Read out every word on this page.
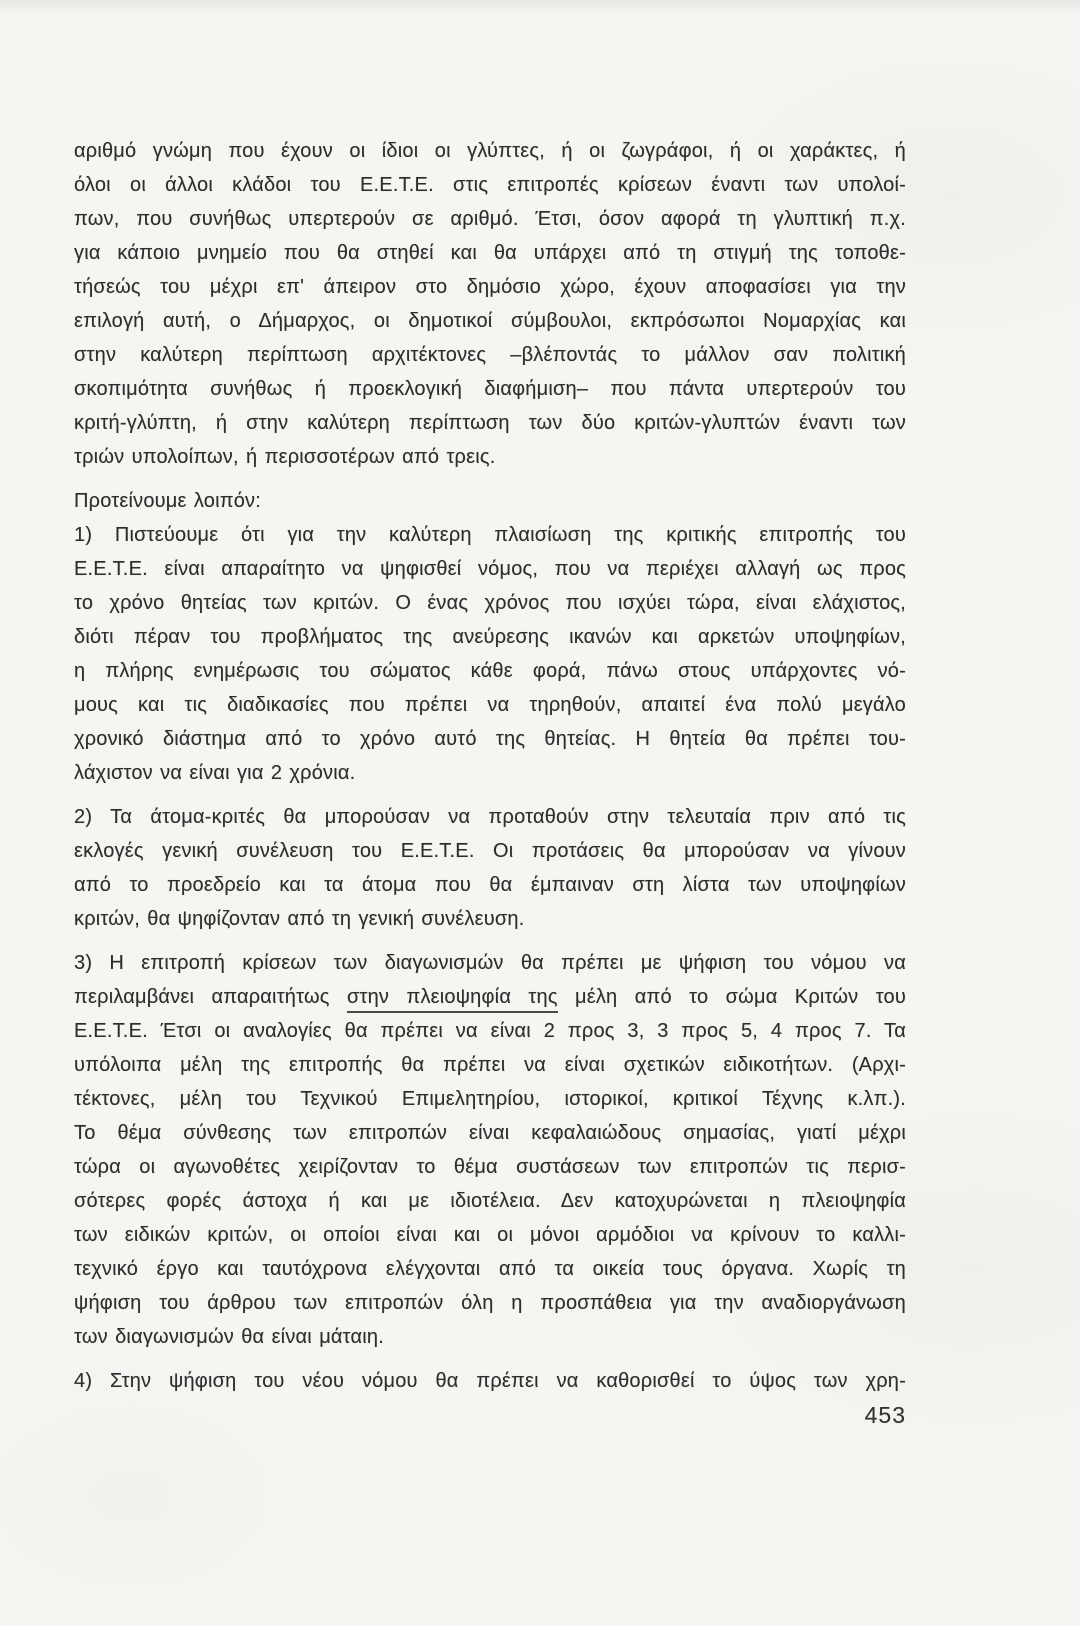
αριθμό γνώμη που έχουν οι ίδιοι οι γλύπτες, ή οι ζωγράφοι, ή οι χαράκτες, ή
όλοι οι άλλοι κλάδοι του Ε.Ε.Τ.Ε. στις επιτροπές κρίσεων έναντι των υπολοί-
πων, που συνήθως υπερτερούν σε αριθμό. Έτσι, όσον αφορά τη γλυπτική π.χ.
για κάποιο μνημείο που θα στηθεί και θα υπάρχει από τη στιγμή της τοποθε-
τήσεώς του μέχρι επ' άπειρον στο δημόσιο χώρο, έχουν αποφασίσει για την
επιλογή αυτή, ο Δήμαρχος, οι δημοτικοί σύμβουλοι, εκπρόσωποι Νομαρχίας και
στην καλύτερη περίπτωση αρχιτέκτονες –βλέποντάς το μάλλον σαν πολιτική
σκοπιμότητα συνήθως ή προεκλογική διαφήμιση– που πάντα υπερτερούν του
κριτή-γλύπτη, ή στην καλύτερη περίπτωση των δύο κριτών-γλυπτών έναντι των
τριών υπολοίπων, ή περισσοτέρων από τρεις.
Προτείνουμε λοιπόν:
1) Πιστεύουμε ότι για την καλύτερη πλαισίωση της κριτικής επιτροπής του
Ε.Ε.Τ.Ε. είναι απαραίτητο να ψηφισθεί νόμος, που να περιέχει αλλαγή ως προς
το χρόνο θητείας των κριτών. Ο ένας χρόνος που ισχύει τώρα, είναι ελάχιστος,
διότι πέραν του προβλήματος της ανεύρεσης ικανών και αρκετών υποψηφίων,
η πλήρης ενημέρωσις του σώματος κάθε φορά, πάνω στους υπάρχοντες νό-
μους και τις διαδικασίες που πρέπει να τηρηθούν, απαιτεί ένα πολύ μεγάλο
χρονικό διάστημα από το χρόνο αυτό της θητείας. Η θητεία θα πρέπει του-
λάχιστον να είναι για 2 χρόνια.
2) Τα άτομα-κριτές θα μπορούσαν να προταθούν στην τελευταία πριν από τις
εκλογές γενική συνέλευση του Ε.Ε.Τ.Ε. Οι προτάσεις θα μπορούσαν να γίνουν
από το προεδρείο και τα άτομα που θα έμπαιναν στη λίστα των υποψηφίων
κριτών, θα ψηφίζονταν από τη γενική συνέλευση.
3) Η επιτροπή κρίσεων των διαγωνισμών θα πρέπει με ψήφιση του νόμου να
περιλαμβάνει απαραιτήτως στην πλειοψηφία της μέλη από το σώμα Κριτών του
Ε.Ε.Τ.Ε. Έτσι οι αναλογίες θα πρέπει να είναι 2 προς 3, 3 προς 5, 4 προς 7. Τα
υπόλοιπα μέλη της επιτροπής θα πρέπει να είναι σχετικών ειδικοτήτων. (Αρχι-
τέκτονες, μέλη του Τεχνικού Επιμελητηρίου, ιστορικοί, κριτικοί Τέχνης κ.λπ.).
Το θέμα σύνθεσης των επιτροπών είναι κεφαλαιώδους σημασίας, γιατί μέχρι
τώρα οι αγωνοθέτες χειρίζονταν το θέμα συστάσεων των επιτροπών τις περισ-
σότερες φορές άστοχα ή και με ιδιοτέλεια. Δεν κατοχυρώνεται η πλειοψηφία
των ειδικών κριτών, οι οποίοι είναι και οι μόνοι αρμόδιοι να κρίνουν το καλλι-
τεχνικό έργο και ταυτόχρονα ελέγχονται από τα οικεία τους όργανα. Χωρίς τη
ψήφιση του άρθρου των επιτροπών όλη η προσπάθεια για την αναδιοργάνωση
των διαγωνισμών θα είναι μάταιη.
4) Στην ψήφιση του νέου νόμου θα πρέπει να καθορισθεί το ύψος των χρη-
453
